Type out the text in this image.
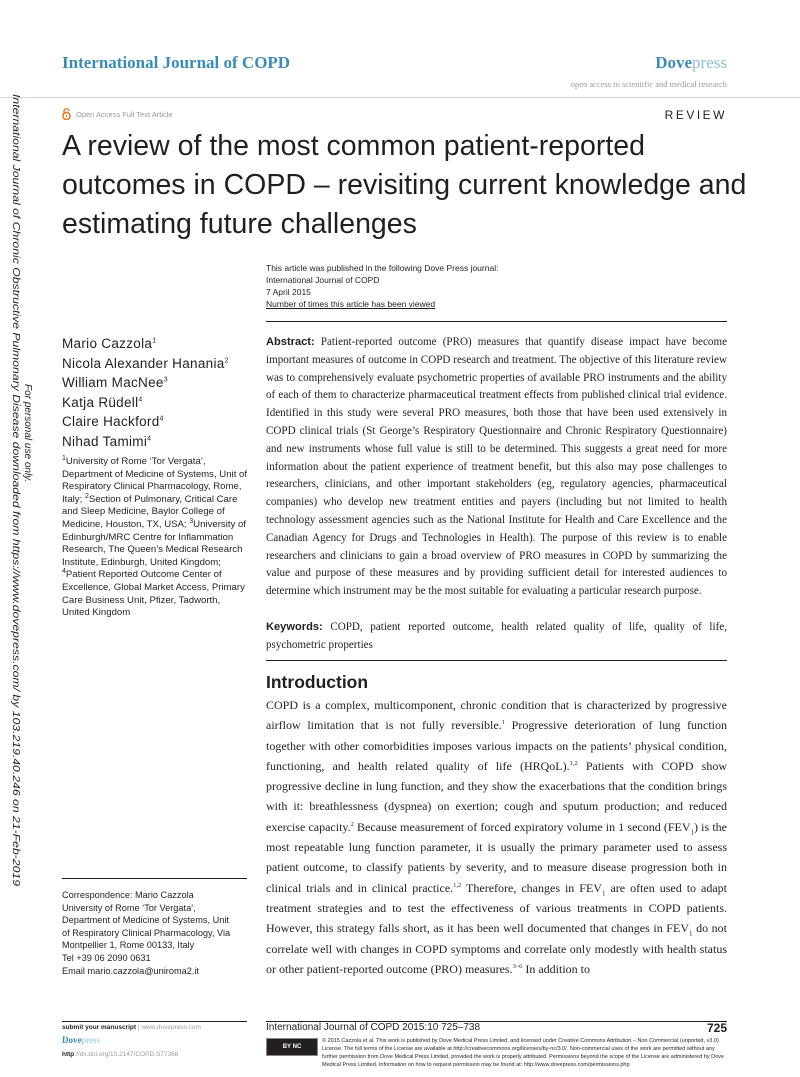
International Journal of COPD	Dovepress
open access to scientific and medical research
Open Access Full Text Article	REVIEW
A review of the most common patient-reported outcomes in COPD – revisiting current knowledge and estimating future challenges
This article was published in the following Dove Press journal:
International Journal of COPD
7 April 2015
Number of times this article has been viewed
Mario Cazzola$^1$
Nicola Alexander Hanania$^2$
William MacNee$^3$
Katja Rüdell$^4$
Claire Hackford$^4$
Nihad Tamimi$^4$
$^1$University of Rome ‘Tor Vergata’, Department of Medicine of Systems, Unit of Respiratory Clinical Pharmacology, Rome, Italy; $^2$Section of Pulmonary, Critical Care and Sleep Medicine, Baylor College of Medicine, Houston, TX, USA; $^3$University of Edinburgh/MRC Centre for Inflammation Research, The Queen’s Medical Research Institute, Edinburgh, United Kingdom; $^4$Patient Reported Outcome Center of Excellence, Global Market Access, Primary Care Business Unit, Pfizer, Tadworth, United Kingdom
Correspondence: Mario Cazzola
University of Rome ‘Tor Vergata’,
Department of Medicine of Systems, Unit
of Respiratory Clinical Pharmacology, Via
Montpellier 1, Rome 00133, Italy
Tel +39 06 2090 0631
Email mario.cazzola@uniroma2.it

Abstract: Patient-reported outcome (PRO) measures that quantify disease impact have become important measures of outcome in COPD research and treatment. The objective of this literature review was to comprehensively evaluate psychometric properties of available PRO instruments and the ability of each of them to characterize pharmaceutical treatment effects from published clinical trial evidence. Identified in this study were several PRO measures, both those that have been used extensively in COPD clinical trials (St George’s Respiratory Questionnaire and Chronic Respiratory Questionnaire) and new instruments whose full value is still to be determined. This suggests a great need for more information about the patient experience of treatment benefit, but this also may pose challenges to researchers, clinicians, and other important stakeholders (eg, regulatory agencies, pharmaceutical companies) who develop new treatment entities and payers (including but not limited to health technology assessment agencies such as the National Institute for Health and Care Excellence and the Canadian Agency for Drugs and Technologies in Health). The purpose of this review is to enable researchers and clinicians to gain a broad overview of PRO measures in COPD by summarizing the value and purpose of these measures and by providing sufficient detail for interested audiences to determine which instrument may be the most suitable for evaluating a particular research purpose.

Keywords: COPD, patient reported outcome, health related quality of life, quality of life, psychometric properties

Introduction

COPD is a complex, multicomponent, chronic condition that is characterized by progressive airflow limitation that is not fully reversible.$^1$ Progressive deterioration of lung function together with other comorbidities imposes various impacts on the patients’ physical condition, functioning, and health related quality of life (HRQoL).$^{1,2}$ Patients with COPD show progressive decline in lung function, and they show the exacerbations that the condition brings with it: breathlessness (dyspnea) on exertion; cough and sputum production; and reduced exercise capacity.$^2$ Because measurement of forced expiratory volume in 1 second $(FEV_1)$ is the most repeatable lung function parameter, it is usually the primary parameter used to assess patient outcome, to classify patients by severity, and to measure disease progression both in clinical trials and in clinical practice.$^{1,2}$ Therefore, changes in $FEV_1$ are often used to adapt treatment strategies and to test the effectiveness of various treatments in COPD patients. However, this strategy falls short, as it has been well documented that changes in $FEV_1$ do not correlate well with changes in COPD symptoms and correlate only modestly with health status or other patient-reported outcome (PRO) measures.$^{3-6}$ In addition to

International Journal of Chronic Obstructive Pulmonary Disease downloaded from https://www.dovepress.com/ by 103.219.40.246 on 21-Feb-2019 For personal use only.
submit your manuscript | www.dovepress.com
Dovepress
http://dx.doi.org/10.2147/COPD.S77368
International Journal of COPD 2015:10 725–738	725
BY NC
© 2015 Cazzola et al. This work is published by Dove Medical Press Limited, and licensed under Creative Commons Attribution – Non Commercial (unported, v3.0) License. The full terms of the License are available at http://creativecommons.org/licenses/by-nc/3.0/. Non-commercial uses of the work are permitted without any further permission from Dove Medical Press Limited, provided the work is properly attributed. Permissions beyond the scope of the License are administered by Dove Medical Press Limited. Information on how to request permission may be found at: http://www.dovepress.com/permissions.php
